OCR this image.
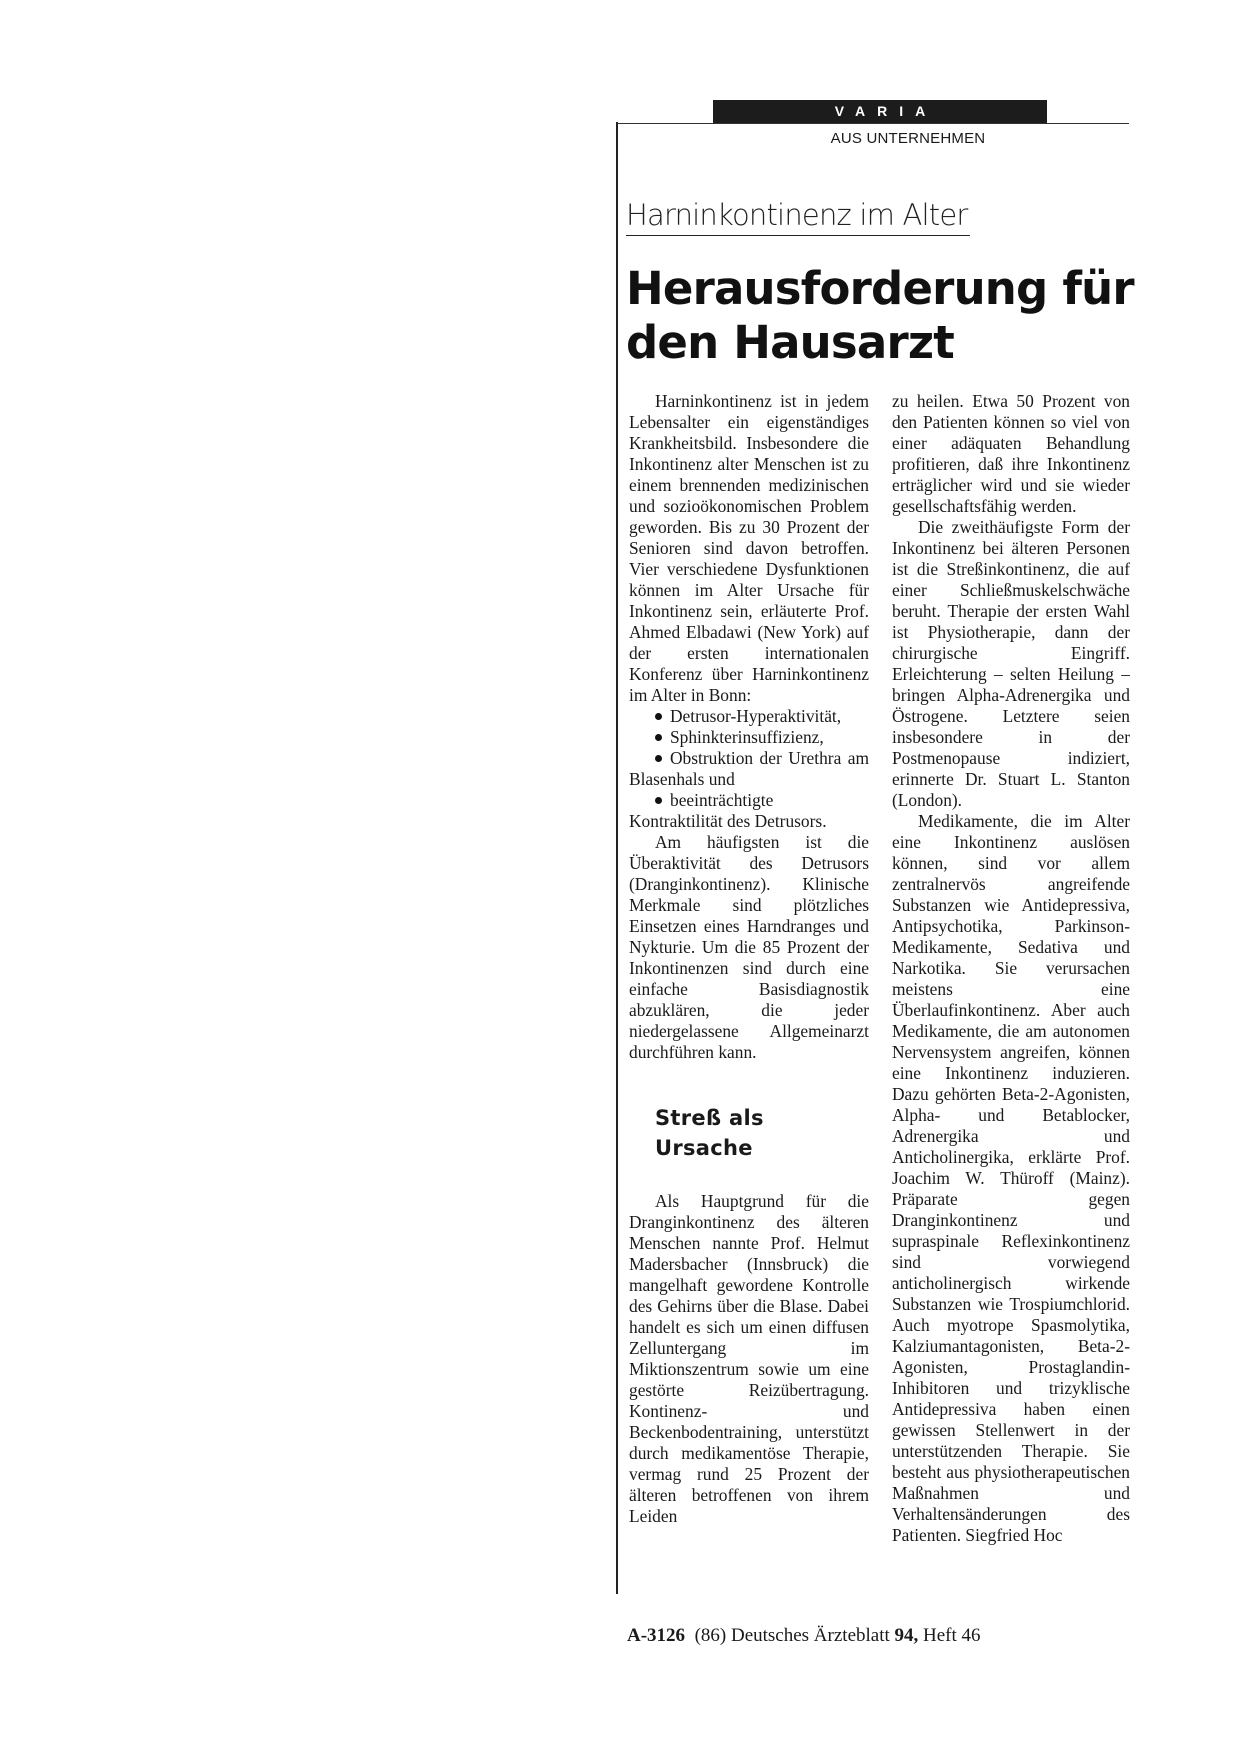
VARIA
AUS UNTERNEHMEN
Harninkontinenz im Alter
Herausforderung für den Hausarzt

Harninkontinenz ist in jedem Lebensalter ein eigenständiges Krankheitsbild. Insbesondere die Inkontinenz alter Menschen ist zu einem brennenden medizinischen und sozioökonomischen Problem geworden. Bis zu 30 Prozent der Senioren sind davon betroffen. Vier verschiedene Dysfunktionen können im Alter Ursache für Inkontinenz sein, erläuterte Prof. Ahmed Elbadawi (New York) auf der ersten internationalen Konferenz über Harninkontinenz im Alter in Bonn:

Detrusor-Hyperaktivität,
Sphinkterinsuffizienz,
Obstruktion der Urethra am Blasenhals und
beeinträchtigte Kontraktilität des Detrusors.

Am häufigsten ist die Überaktivität des Detrusors (Dranginkontinenz). Klinische Merkmale sind plötzliches Einsetzen eines Harndranges und Nykturie. Um die 85 Prozent der Inkontinenzen sind durch eine einfache Basisdiagnostik abzuklären, die jeder niedergelassene Allgemeinarzt durchführen kann.

Streß als Ursache

Als Hauptgrund für die Dranginkontinenz des älteren Menschen nannte Prof. Helmut Madersbacher (Innsbruck) die mangelhaft gewordene Kontrolle des Gehirns über die Blase. Dabei handelt es sich um einen diffusen Zelluntergang im Miktionszentrum sowie um eine gestörte Reizübertragung. Kontinenz- und Beckenbodentraining, unterstützt durch medikamentöse Therapie, vermag rund 25 Prozent der älteren betroffenen von ihrem Leiden

zu heilen. Etwa 50 Prozent von den Patienten können so viel von einer adäquaten Behandlung profitieren, daß ihre Inkontinenz erträglicher wird und sie wieder gesellschaftsfähig werden.

Die zweithäufigste Form der Inkontinenz bei älteren Personen ist die Streßinkontinenz, die auf einer Schließmuskelschwäche beruht. Therapie der ersten Wahl ist Physiotherapie, dann der chirurgische Eingriff. Erleichterung – selten Heilung – bringen Alpha-Adrenergika und Östrogene. Letztere seien insbesondere in der Postmenopause indiziert, erinnerte Dr. Stuart L. Stanton (London).

Medikamente, die im Alter eine Inkontinenz auslösen können, sind vor allem zentralnervös angreifende Substanzen wie Antidepressiva, Antipsychotika, Parkinson-Medikamente, Sedativa und Narkotika. Sie verursachen meistens eine Überlaufinkontinenz. Aber auch Medikamente, die am autonomen Nervensystem angreifen, können eine Inkontinenz induzieren. Dazu gehörten Beta-2-Agonisten, Alpha- und Betablocker, Adrenergika und Anticholinergika, erklärte Prof. Joachim W. Thüroff (Mainz). Präparate gegen Dranginkontinenz und supraspinale Reflexinkontinenz sind vorwiegend anticholinergisch wirkende Substanzen wie Trospiumchlorid. Auch myotrope Spasmolytika, Kalziumantagonisten, Beta-2-Agonisten, Prostaglandin-Inhibitoren und trizyklische Antidepressiva haben einen gewissen Stellenwert in der unterstützenden Therapie. Sie besteht aus physiotherapeutischen Maßnahmen und Verhaltensänderungen des Patienten. Siegfried Hoc

A-3126 (86) Deutsches Ärzteblatt 94, Heft 46
